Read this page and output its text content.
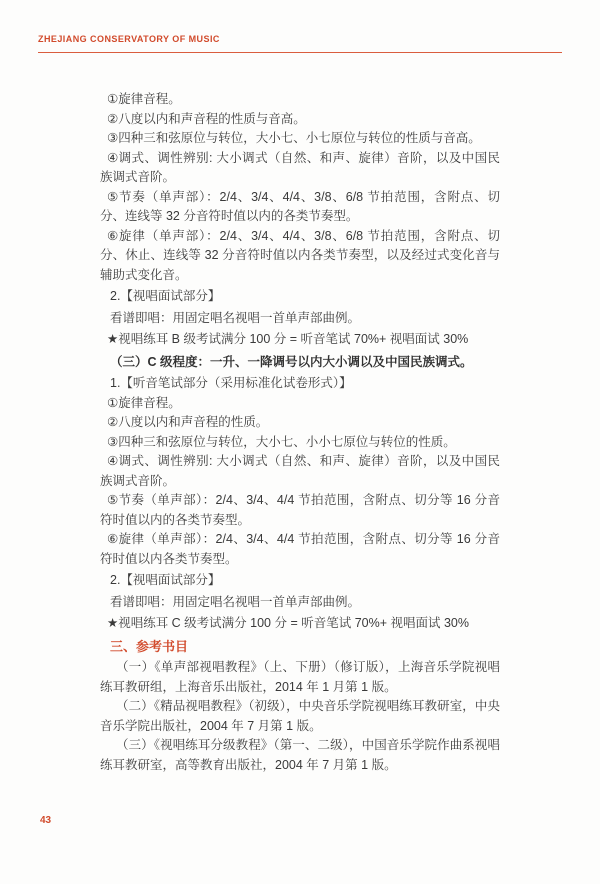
ZHEJIANG CONSERVATORY OF MUSIC

①旋律音程。

②八度以内和声音程的性质与音高。

③四种三和弦原位与转位，大小七、小七原位与转位的性质与音高。

④调式、调性辨别: 大小调式（自然、和声、旋律）音阶，以及中国民族调式音阶。

⑤节奏（单声部）：2/4、3/4、4/4、3/8、6/8 节拍范围，含附点、切分、连线等 32 分音符时值以内的各类节奏型。

⑥旋律（单声部）：2/4、3/4、4/4、3/8、6/8 节拍范围，含附点、切分、休止、连线等 32 分音符时值以内各类节奏型，以及经过式变化音与辅助式变化音。

2.【视唱面试部分】

看谱即唱：用固定唱名视唱一首单声部曲例。

★视唱练耳 B 级考试满分 100 分 = 听音笔试 70%+ 视唱面试 30%

（三）C 级程度：一升、一降调号以内大小调以及中国民族调式。

1.【听音笔试部分（采用标准化试卷形式）】

①旋律音程。

②八度以内和声音程的性质。

③四种三和弦原位与转位，大小七、小小七原位与转位的性质。

④调式、调性辨别: 大小调式（自然、和声、旋律）音阶，以及中国民族调式音阶。

⑤节奏（单声部）：2/4、3/4、4/4 节拍范围，含附点、切分等 16 分音符时值以内的各类节奏型。

⑥旋律（单声部）：2/4、3/4、4/4 节拍范围，含附点、切分等 16 分音符时值以内各类节奏型。

2.【视唱面试部分】

看谱即唱：用固定唱名视唱一首单声部曲例。

★视唱练耳 C 级考试满分 100 分 = 听音笔试 70%+ 视唱面试 30%

三、参考书目

（一）《单声部视唱教程》（上、下册）（修订版），上海音乐学院视唱练耳教研组，上海音乐出版社，2014 年 1 月第 1 版。

（二）《精品视唱教程》（初级），中央音乐学院视唱练耳教研室，中央音乐学院出版社，2004 年 7 月第 1 版。

（三）《视唱练耳分级教程》（第一、二级），中国音乐学院作曲系视唱练耳教研室，高等教育出版社，2004 年 7 月第 1 版。

43
